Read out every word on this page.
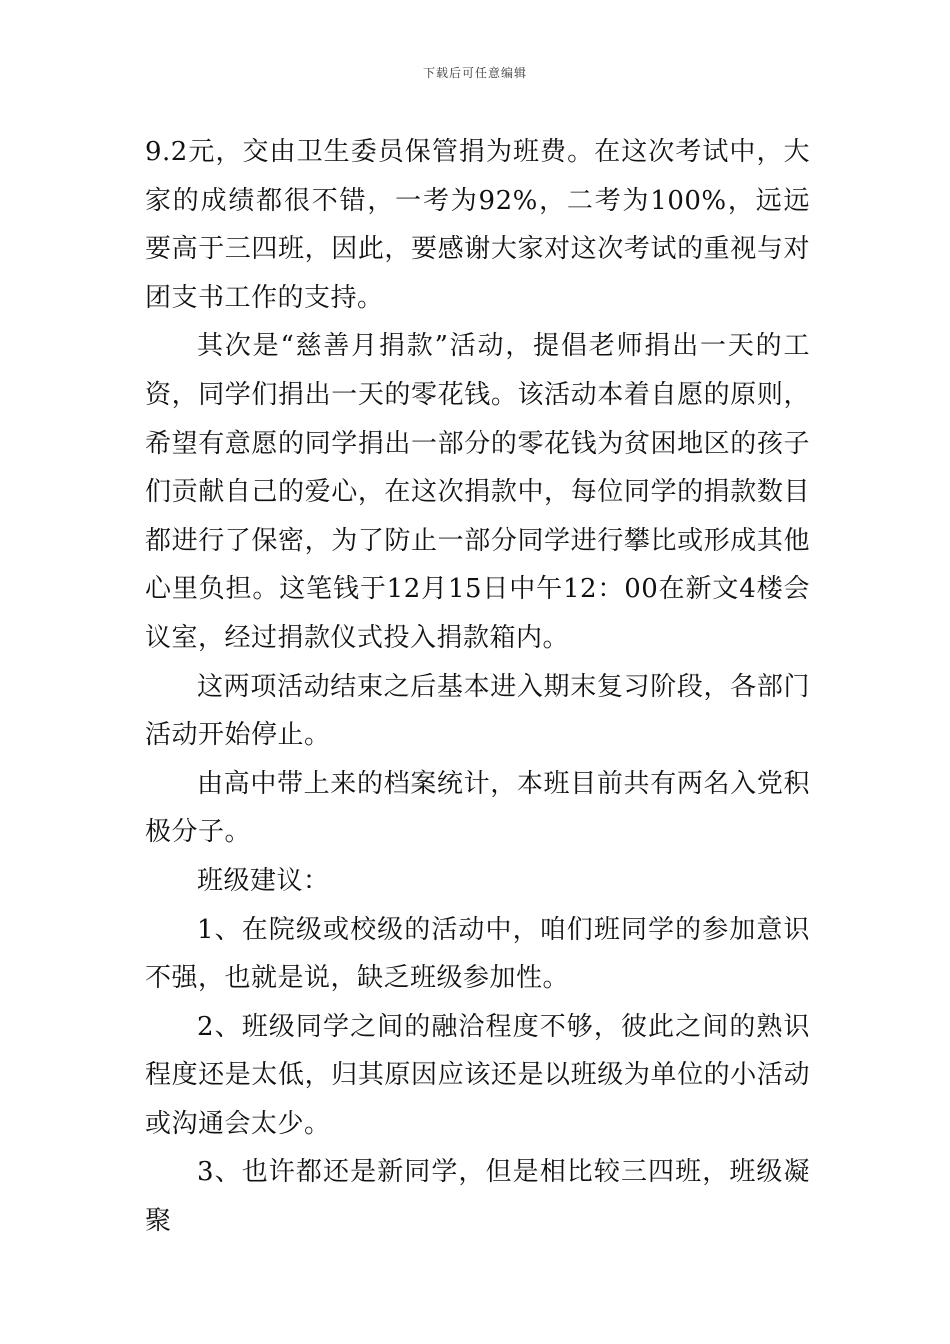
下载后可任意编辑

9.2元，交由卫生委员保管捐为班费。在这次考试中，大家的成绩都很不错，一考为92%，二考为100%，远远要高于三四班，因此，要感谢大家对这次考试的重视与对团支书工作的支持。

其次是“慈善月捐款”活动，提倡老师捐出一天的工资，同学们捐出一天的零花钱。该活动本着自愿的原则，希望有意愿的同学捐出一部分的零花钱为贫困地区的孩子们贡献自己的爱心，在这次捐款中，每位同学的捐款数目都进行了保密，为了防止一部分同学进行攀比或形成其他心里负担。这笔钱于12月15日中午12：00在新文4楼会议室，经过捐款仪式投入捐款箱内。

这两项活动结束之后基本进入期末复习阶段，各部门活动开始停止。

由高中带上来的档案统计，本班目前共有两名入党积极分子。

班级建议：

1、在院级或校级的活动中，咱们班同学的参加意识不强，也就是说，缺乏班级参加性。

2、班级同学之间的融洽程度不够，彼此之间的熟识程度还是太低，归其原因应该还是以班级为单位的小活动或沟通会太少。

3、也许都还是新同学，但是相比较三四班，班级凝聚
